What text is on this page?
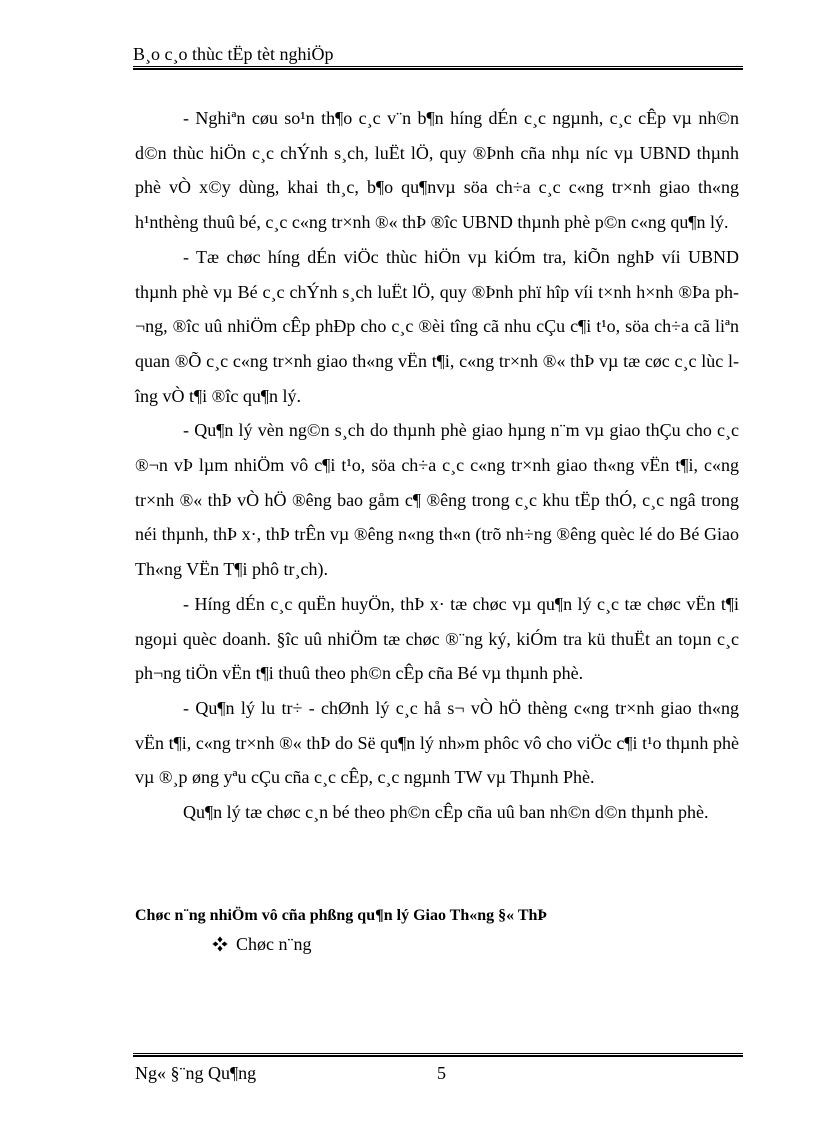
B¸o c¸o thùc tËp tèt nghiÖp

- Nghiªn cøu so¹n th¶o c¸c v¨n b¶n híng dÉn c¸c ngµnh, c¸c cÊp vµ nh©n d©n thùc hiÖn c¸c chÝnh s¸ch, luËt lÖ, quy ®Þnh cña nhµ níc vµ UBND thµnh phè vÒ x©y dùng, khai th¸c, b¶o qu¶nvµ söa ch÷a c¸c c«ng tr×nh giao th«ng h¹nthèng thuû bé, c¸c c«ng tr×nh ®« thÞ ®îc UBND thµnh phè p©n c«ng qu¶n lý.

- Tæ chøc híng dÉn viÖc thùc hiÖn vµ kiÓm tra, kiÕn nghÞ víi UBND thµnh phè vµ Bé c¸c chÝnh s¸ch luËt lÖ, quy ®Þnh phï hîp víi t×nh h×nh ®Þa ph¬ng, ®îc uû nhiÖm cÊp phÐp cho c¸c ®èi tîng cã nhu cÇu c¶i t¹o, söa ch÷a cã liªn quan ®Õ c¸c c«ng tr×nh giao th«ng vËn t¶i, c«ng tr×nh ®« thÞ vµ tæ cøc c¸c lùc lîng vÒ t¶i ®îc qu¶n lý.

- Qu¶n lý vèn ng©n s¸ch do thµnh phè giao hµng n¨m vµ giao thÇu cho c¸c ®¬n vÞ lµm nhiÖm vô c¶i t¹o, söa ch÷a c¸c c«ng tr×nh giao th«ng vËn t¶i, c«ng tr×nh ®« thÞ vÒ hÖ ®êng bao gåm c¶ ®êng trong c¸c khu tËp thÓ, c¸c ngâ trong néi thµnh, thÞ x·, thÞ trÊn vµ ®êng n«ng th«n (trõ nh÷ng ®êng quèc lé do Bé Giao Th«ng VËn T¶i phô tr¸ch).

- Híng dÉn c¸c quËn huyÖn, thÞ x· tæ chøc vµ qu¶n lý c¸c tæ chøc vËn t¶i ngoµi quèc doanh. §îc uû nhiÖm tæ chøc ®¨ng ký, kiÓm tra kü thuËt an toµn c¸c ph¬ng tiÖn vËn t¶i thuû theo ph©n cÊp cña Bé vµ thµnh phè.

- Qu¶n lý lu tr÷ - chØnh lý c¸c hå s¬ vÒ hÖ thèng c«ng tr×nh giao th«ng vËn t¶i, c«ng tr×nh ®« thÞ do Së qu¶n lý nh»m phôc vô cho viÖc c¶i t¹o thµnh phè vµ ®¸p øng yªu cÇu cña c¸c cÊp, c¸c ngµnh TW vµ Thµnh Phè.

Qu¶n lý tæ chøc c¸n bé theo ph©n cÊp cña uû ban nh©n d©n thµnh phè.

Chøc n¨ng nhiÖm vô cña phßng qu¶n lý Giao Th«ng §« ThÞ
Chøc n¨ng
Ng« §¨ng Qu¶ng	5
